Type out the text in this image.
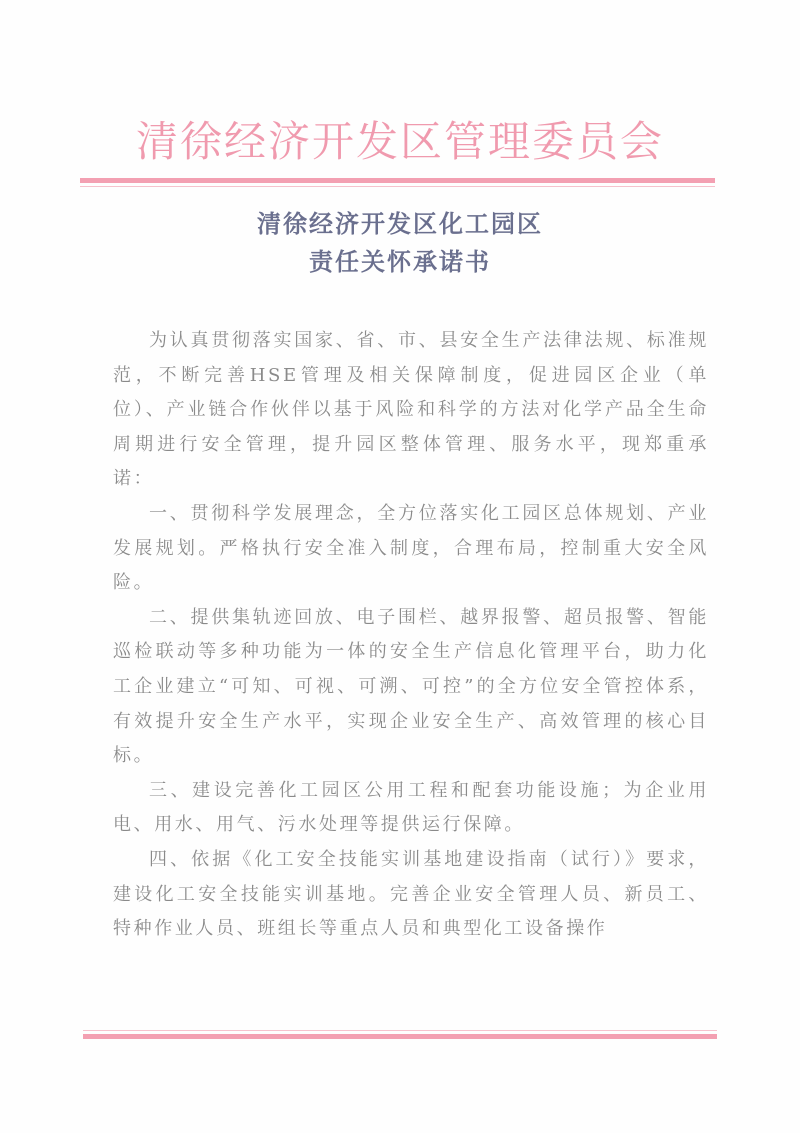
清徐经济开发区管理委员会
清徐经济开发区化工园区
责任关怀承诺书

为认真贯彻落实国家、省、市、县安全生产法律法规、标准规范，不断完善HSE管理及相关保障制度，促进园区企业（单位）、产业链合作伙伴以基于风险和科学的方法对化学产品全生命周期进行安全管理，提升园区整体管理、服务水平，现郑重承诺：

一、贯彻科学发展理念，全方位落实化工园区总体规划、产业发展规划。严格执行安全准入制度，合理布局，控制重大安全风险。

二、提供集轨迹回放、电子围栏、越界报警、超员报警、智能巡检联动等多种功能为一体的安全生产信息化管理平台，助力化工企业建立“可知、可视、可溯、可控”的全方位安全管控体系，有效提升安全生产水平，实现企业安全生产、高效管理的核心目标。

三、建设完善化工园区公用工程和配套功能设施；为企业用电、用水、用气、污水处理等提供运行保障。

四、依据《化工安全技能实训基地建设指南（试行）》要求，建设化工安全技能实训基地。完善企业安全管理人员、新员工、特种作业人员、班组长等重点人员和典型化工设备操作
